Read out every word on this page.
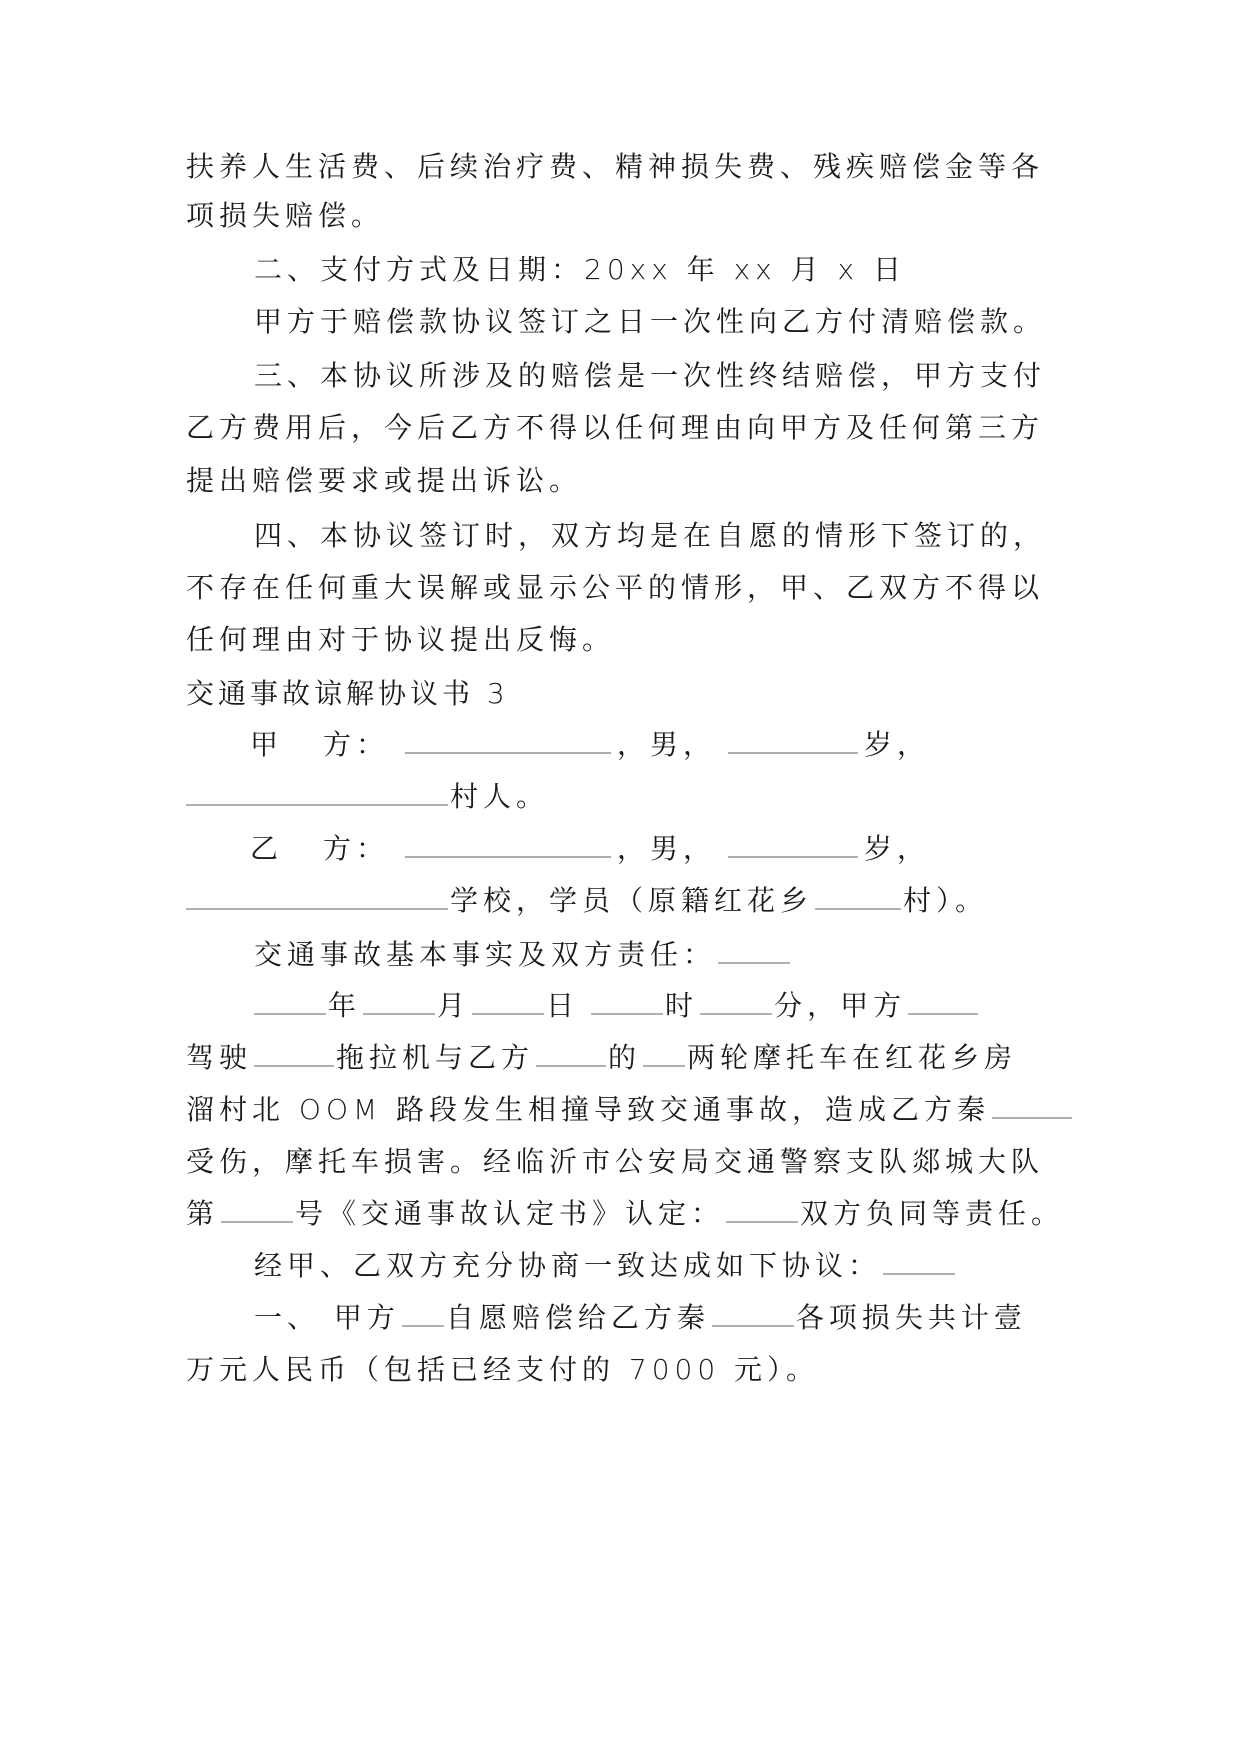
扶养人生活费、后续治疗费、精神损失费、残疾赔偿金等各
项损失赔偿。
二、支付方式及日期：20xx 年 xx 月 x 日
甲方于赔偿款协议签订之日一次性向乙方付清赔偿款。
三、本协议所涉及的赔偿是一次性终结赔偿，甲方支付
乙方费用后，今后乙方不得以任何理由向甲方及任何第三方
提出赔偿要求或提出诉讼。
四、本协议签订时，双方均是在自愿的情形下签订的，
不存在任何重大误解或显示公平的情形，甲、乙双方不得以
任何理由对于协议提出反悔。
交通事故谅解协议书 3
甲 方：	，男，	岁，
村人。
乙 方：	，男，	岁，
学校，学员（原籍红花乡	村）。
交通事故基本事实及双方责任：
年	月	日	时	分，甲方
驾驶	拖拉机与乙方	的 两轮摩托车在红花乡房
溜村北 OOM 路段发生相撞导致交通事故，造成乙方秦
受伤，摩托车损害。经临沂市公安局交通警察支队郯城大队
第	号《交通事故认定书》认定：	双方负同等责任。
经甲、乙双方充分协商一致达成如下协议：
一、 甲方 自愿赔偿给乙方秦	各项损失共计壹
万元人民币（包括已经支付的 7000 元）。
